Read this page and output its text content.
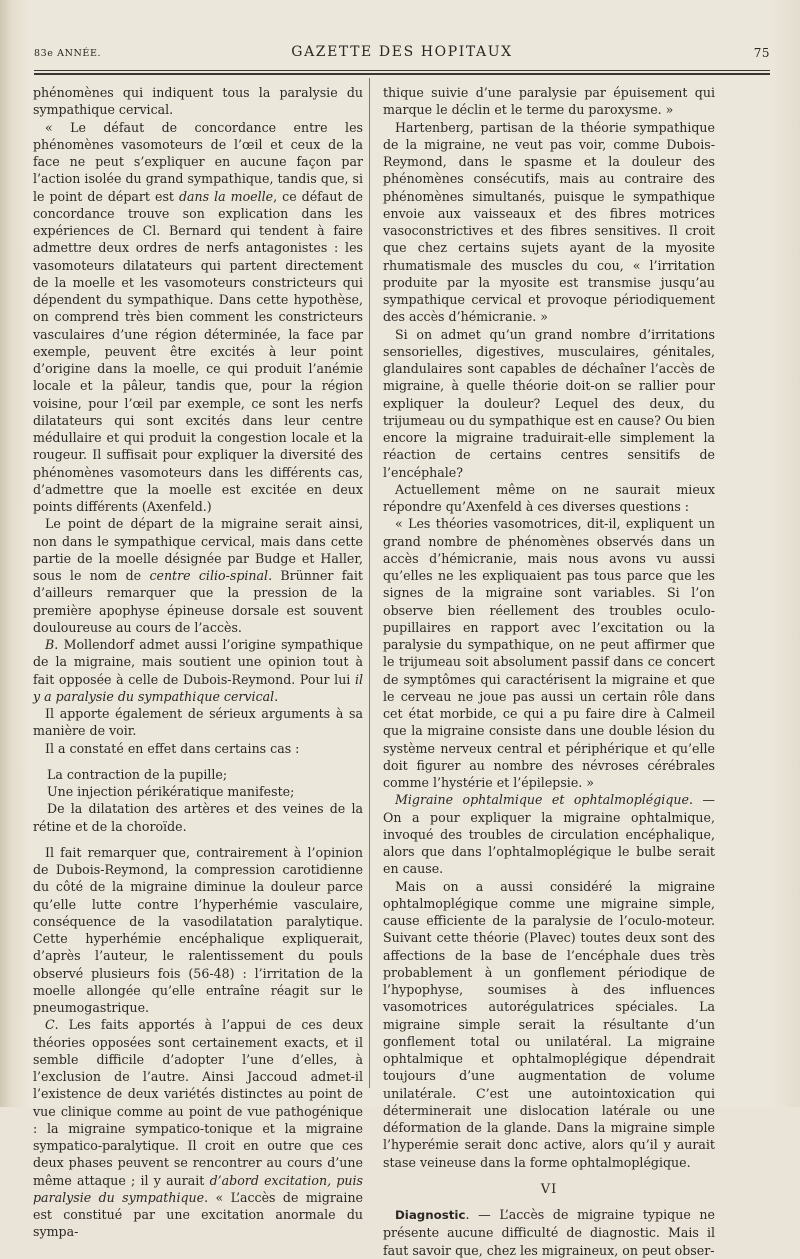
83e ANNÉE.	GAZETTE DES HOPITAUX	75

phénomènes qui indiquent tous la paralysie du sympathique cervical.

« Le défaut de concordance entre les phénomènes vasomoteurs de l’œil et ceux de la face ne peut s’expliquer en aucune façon par l’action isolée du grand sympathique, tandis que, si le point de départ est dans la moelle, ce défaut de concordance trouve son explication dans les expériences de Cl. Bernard qui tendent à faire admettre deux ordres de nerfs antagonistes : les vasomoteurs dilatateurs qui partent directement de la moelle et les vasomoteurs constricteurs qui dépendent du sympathique. Dans cette hypothèse, on comprend très bien comment les constricteurs vasculaires d’une région déterminée, la face par exemple, peuvent être excités à leur point d’origine dans la moelle, ce qui produit l’anémie locale et la pâleur, tandis que, pour la région voisine, pour l’œil par exemple, ce sont les nerfs dilatateurs qui sont excités dans leur centre médullaire et qui produit la congestion locale et la rougeur. Il suffisait pour expliquer la diversité des phénomènes vasomoteurs dans les différents cas, d’admettre que la moelle est excitée en deux points différents (Axenfeld.)

Le point de départ de la migraine serait ainsi, non dans le sympathique cervical, mais dans cette partie de la moelle désignée par Budge et Haller, sous le nom de centre cilio-spinal. Brünner fait d’ailleurs remarquer que la pression de la première apophyse épineuse dorsale est souvent douloureuse au cours de l’accès.

B. Mollendorf admet aussi l’origine sympathique de la migraine, mais soutient une opinion tout à fait opposée à celle de Dubois-Reymond. Pour lui il y a paralysie du sympathique cervical.

Il apporte également de sérieux arguments à sa manière de voir.

Il a constaté en effet dans certains cas :

La contraction de la pupille;

Une injection périkératique manifeste;

De la dilatation des artères et des veines de la rétine et de la choroïde.

Il fait remarquer que, contrairement à l’opinion de Dubois-Reymond, la compression carotidienne du côté de la migraine diminue la douleur parce qu’elle lutte contre l’hyperhémie vasculaire, conséquence de la vasodilatation paralytique. Cette hyperhémie encéphalique expliquerait, d’après l’auteur, le ralentissement du pouls observé plusieurs fois (56-48) : l’irritation de la moelle allongée qu’elle entraîne réagit sur le pneumogastrique.

C. Les faits apportés à l’appui de ces deux théories opposées sont certainement exacts, et il semble difficile d’adopter l’une d’elles, à l’exclusion de l’autre. Ainsi Jaccoud admet-il l’existence de deux variétés distinctes au point de vue clinique comme au point de vue pathogénique : la migraine sympatico-tonique et la migraine sympatico-paralytique. Il croit en outre que ces deux phases peuvent se rencontrer au cours d’une même attaque ; il y aurait d’abord excitation, puis paralysie du sympathique. « L’accès de migraine est constitué par une excitation anormale du sympa-

thique suivie d’une paralysie par épuisement qui marque le déclin et le terme du paroxysme. »

Hartenberg, partisan de la théorie sympathique de la migraine, ne veut pas voir, comme Dubois-Reymond, dans le spasme et la douleur des phénomènes consécutifs, mais au contraire des phénomènes simultanés, puisque le sympathique envoie aux vaisseaux et des fibres motrices vasoconstrictives et des fibres sensitives. Il croit que chez certains sujets ayant de la myosite rhumatismale des muscles du cou, « l’irritation produite par la myosite est transmise jusqu’au sympathique cervical et provoque périodiquement des accès d’hémicranie. »

Si on admet qu’un grand nombre d’irritations sensorielles, digestives, musculaires, génitales, glandulaires sont capables de déchaîner l’accès de migraine, à quelle théorie doit-on se rallier pour expliquer la douleur? Lequel des deux, du trijumeau ou du sympathique est en cause? Ou bien encore la migraine traduirait-elle simplement la réaction de certains centres sensitifs de l’encéphale?

Actuellement même on ne saurait mieux répondre qu’Axenfeld à ces diverses questions :

« Les théories vasomotrices, dit-il, expliquent un grand nombre de phénomènes observés dans un accès d’hémicranie, mais nous avons vu aussi qu’elles ne les expliquaient pas tous parce que les signes de la migraine sont variables. Si l’on observe bien réellement des troubles oculo-pupillaires en rapport avec l’excitation ou la paralysie du sympathique, on ne peut affirmer que le trijumeau soit absolument passif dans ce concert de symptômes qui caractérisent la migraine et que le cerveau ne joue pas aussi un certain rôle dans cet état morbide, ce qui a pu faire dire à Calmeil que la migraine consiste dans une double lésion du système nerveux central et périphérique et qu’elle doit figurer au nombre des névroses cérébrales comme l’hystérie et l’épilepsie. »

Migraine ophtalmique et ophtalmoplégique. — On a pour expliquer la migraine ophtalmique, invoqué des troubles de circulation encéphalique, alors que dans l’ophtalmoplégique le bulbe serait en cause.

Mais on a aussi considéré la migraine ophtalmoplégique comme une migraine simple, cause efficiente de la paralysie de l’oculo-moteur. Suivant cette théorie (Plavec) toutes deux sont des affections de la base de l’encéphale dues très probablement à un gonflement périodique de l’hypophyse, soumises à des influences vasomotrices autorégulatrices spéciales. La migraine simple serait la résultante d’un gonflement total ou unilatéral. La migraine ophtalmique et ophtalmoplégique dépendrait toujours d’une augmentation de volume unilatérale. C’est une autointoxication qui déterminerait une dislocation latérale ou une déformation de la glande. Dans la migraine simple l’hyperémie serait donc active, alors qu’il y aurait stase veineuse dans la forme ophtalmoplégique.

VI

Diagnostic. — L’accès de migraine typique ne présente aucune difficulté de diagnostic. Mais il faut savoir que, chez les migraineux, on peut obser-
